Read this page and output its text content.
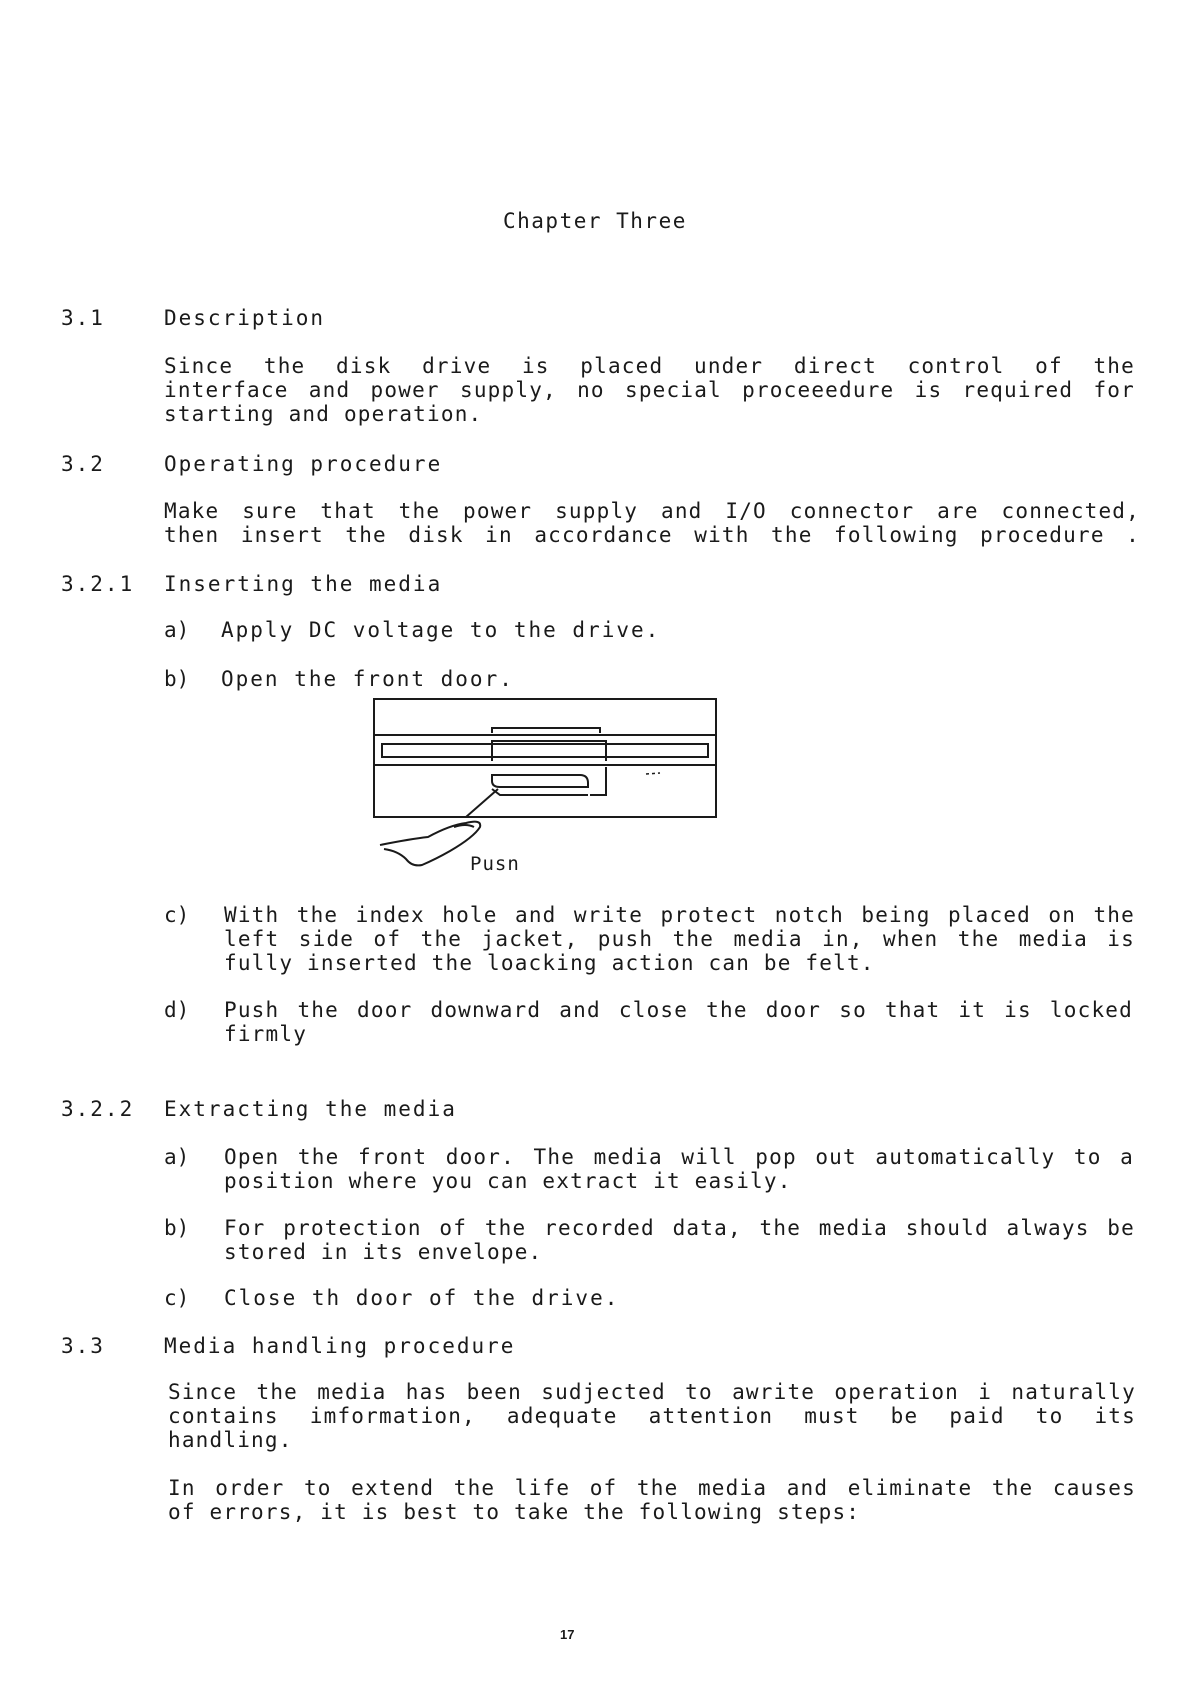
Chapter Three
3.1	Description
Since the disk drive is placed under direct control of the
interface and power supply, no special proceeedure is required for
starting and operation.
3.2	Operating procedure
Make sure that the power supply and I/O connector are connected,
then insert the disk in accordance with the following procedure .
3.2.1 Inserting the media
a) Apply DC voltage to the drive.
b) Open the front door.
Pusn
c) With the index hole and write protect notch being placed on the
left side of the jacket, push the media in, when the media is
fully inserted the loacking action can be felt.
d) Push the door downward and close the door so that it is locked
firmly
3.2.2 Extracting the media
a) Open the front door. The media will pop out automatically to a
position where you can extract it easily.
b) For protection of the recorded data, the media should always be
stored in its envelope.
c) Close th door of the drive.
3.3	Media handling procedure
Since the media has been sudjected to awrite operation i naturally
contains imformation, adequate attention must be paid to its
handling.
In order to extend the life of the media and eliminate the causes
of errors, it is best to take the following steps:
17
